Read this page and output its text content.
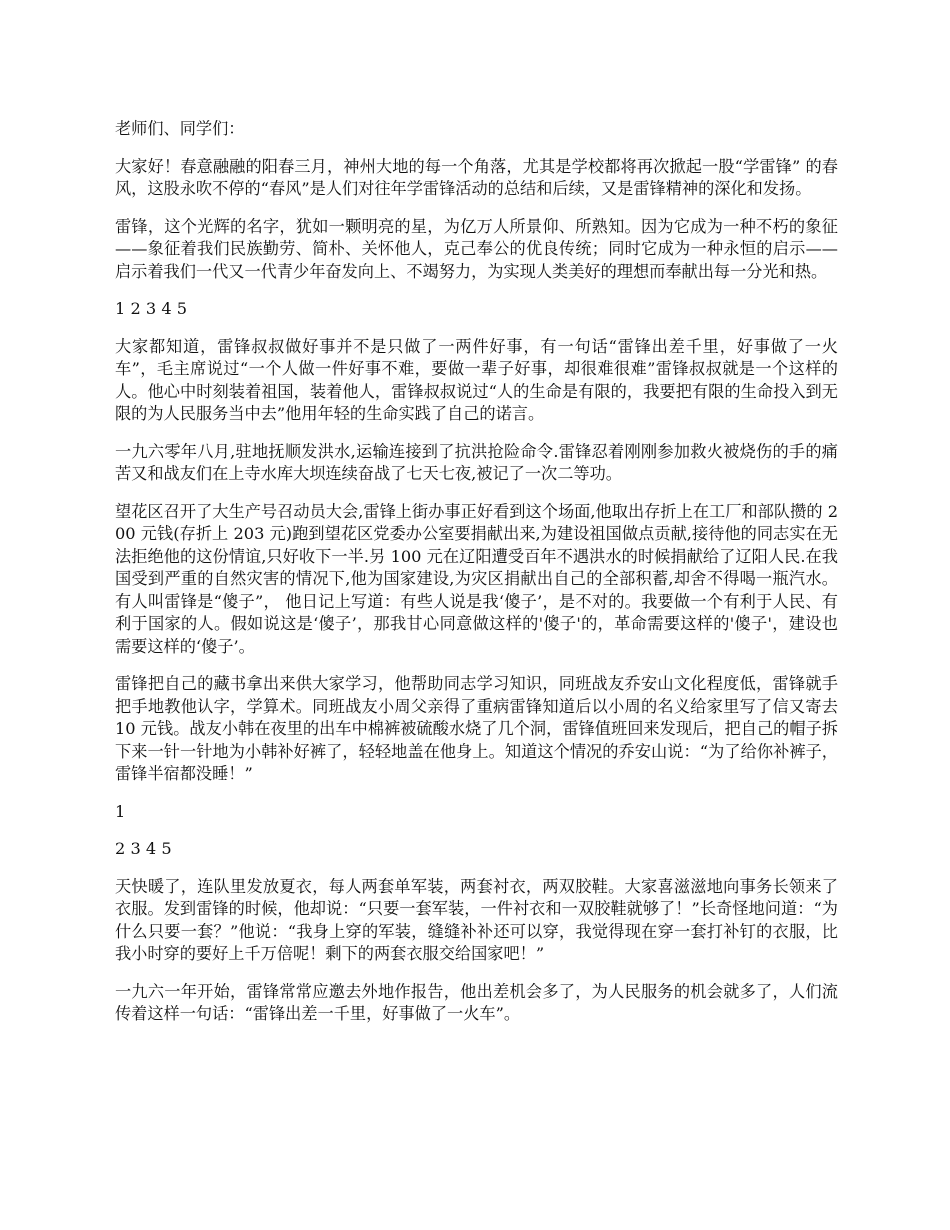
老师们、同学们：

大家好！春意融融的阳春三月，神州大地的每一个角落，尤其是学校都将再次掀起一股“学雷锋” 的春风，这股永吹不停的“春风”是人们对往年学雷锋活动的总结和后续，又是雷锋精神的深化和发扬。

雷锋，这个光辉的名字，犹如一颗明亮的星，为亿万人所景仰、所熟知。因为它成为一种不朽的象征——象征着我们民族勤劳、简朴、关怀他人，克己奉公的优良传统；同时它成为一种永恒的启示——启示着我们一代又一代青少年奋发向上、不竭努力，为实现人类美好的理想而奉献出每一分光和热。

1 2 3 4 5

大家都知道，雷锋叔叔做好事并不是只做了一两件好事，有一句话“雷锋出差千里，好事做了一火车”，毛主席说过“一个人做一件好事不难，要做一辈子好事，却很难很难”雷锋叔叔就是一个这样的人。他心中时刻装着祖国，装着他人，雷锋叔叔说过“人的生命是有限的，我要把有限的生命投入到无限的为人民服务当中去”他用年轻的生命实践了自己的诺言。

一九六零年八月,驻地抚顺发洪水,运输连接到了抗洪抢险命令.雷锋忍着刚刚参加救火被烧伤的手的痛苦又和战友们在上寺水库大坝连续奋战了七天七夜,被记了一次二等功。

望花区召开了大生产号召动员大会,雷锋上街办事正好看到这个场面,他取出存折上在工厂和部队攒的 200 元钱(存折上 203 元)跑到望花区党委办公室要捐献出来,为建设祖国做点贡献,接待他的同志实在无法拒绝他的这份情谊,只好收下一半.另 100 元在辽阳遭受百年不遇洪水的时候捐献给了辽阳人民.在我国受到严重的自然灾害的情况下,他为国家建设,为灾区捐献出自己的全部积蓄,却舍不得喝一瓶汽水。有人叫雷锋是“傻子”， 他日记上写道：有些人说是我‘傻子’，是不对的。我要做一个有利于人民、有利于国家的人。假如说这是‘傻子’，那我甘心同意做这样的'傻子'的，革命需要这样的'傻子'，建设也需要这样的‘傻子’。

雷锋把自己的藏书拿出来供大家学习，他帮助同志学习知识，同班战友乔安山文化程度低，雷锋就手把手地教他认字，学算术。同班战友小周父亲得了重病雷锋知道后以小周的名义给家里写了信又寄去 10 元钱。战友小韩在夜里的出车中棉裤被硫酸水烧了几个洞，雷锋值班回来发现后，把自己的帽子拆下来一针一针地为小韩补好裤了，轻轻地盖在他身上。知道这个情况的乔安山说：“为了给你补裤子，雷锋半宿都没睡！”

1

2 3 4 5

天快暖了，连队里发放夏衣，每人两套单军装，两套衬衣，两双胶鞋。大家喜滋滋地向事务长领来了衣服。发到雷锋的时候，他却说：“只要一套军装，一件衬衣和一双胶鞋就够了！”长奇怪地问道：“为什么只要一套？”他说：“我身上穿的军装，缝缝补补还可以穿，我觉得现在穿一套打补钉的衣服，比我小时穿的要好上千万倍呢！剩下的两套衣服交给国家吧！”

一九六一年开始，雷锋常常应邀去外地作报告，他出差机会多了，为人民服务的机会就多了，人们流传着这样一句话：“雷锋出差一千里，好事做了一火车”。
